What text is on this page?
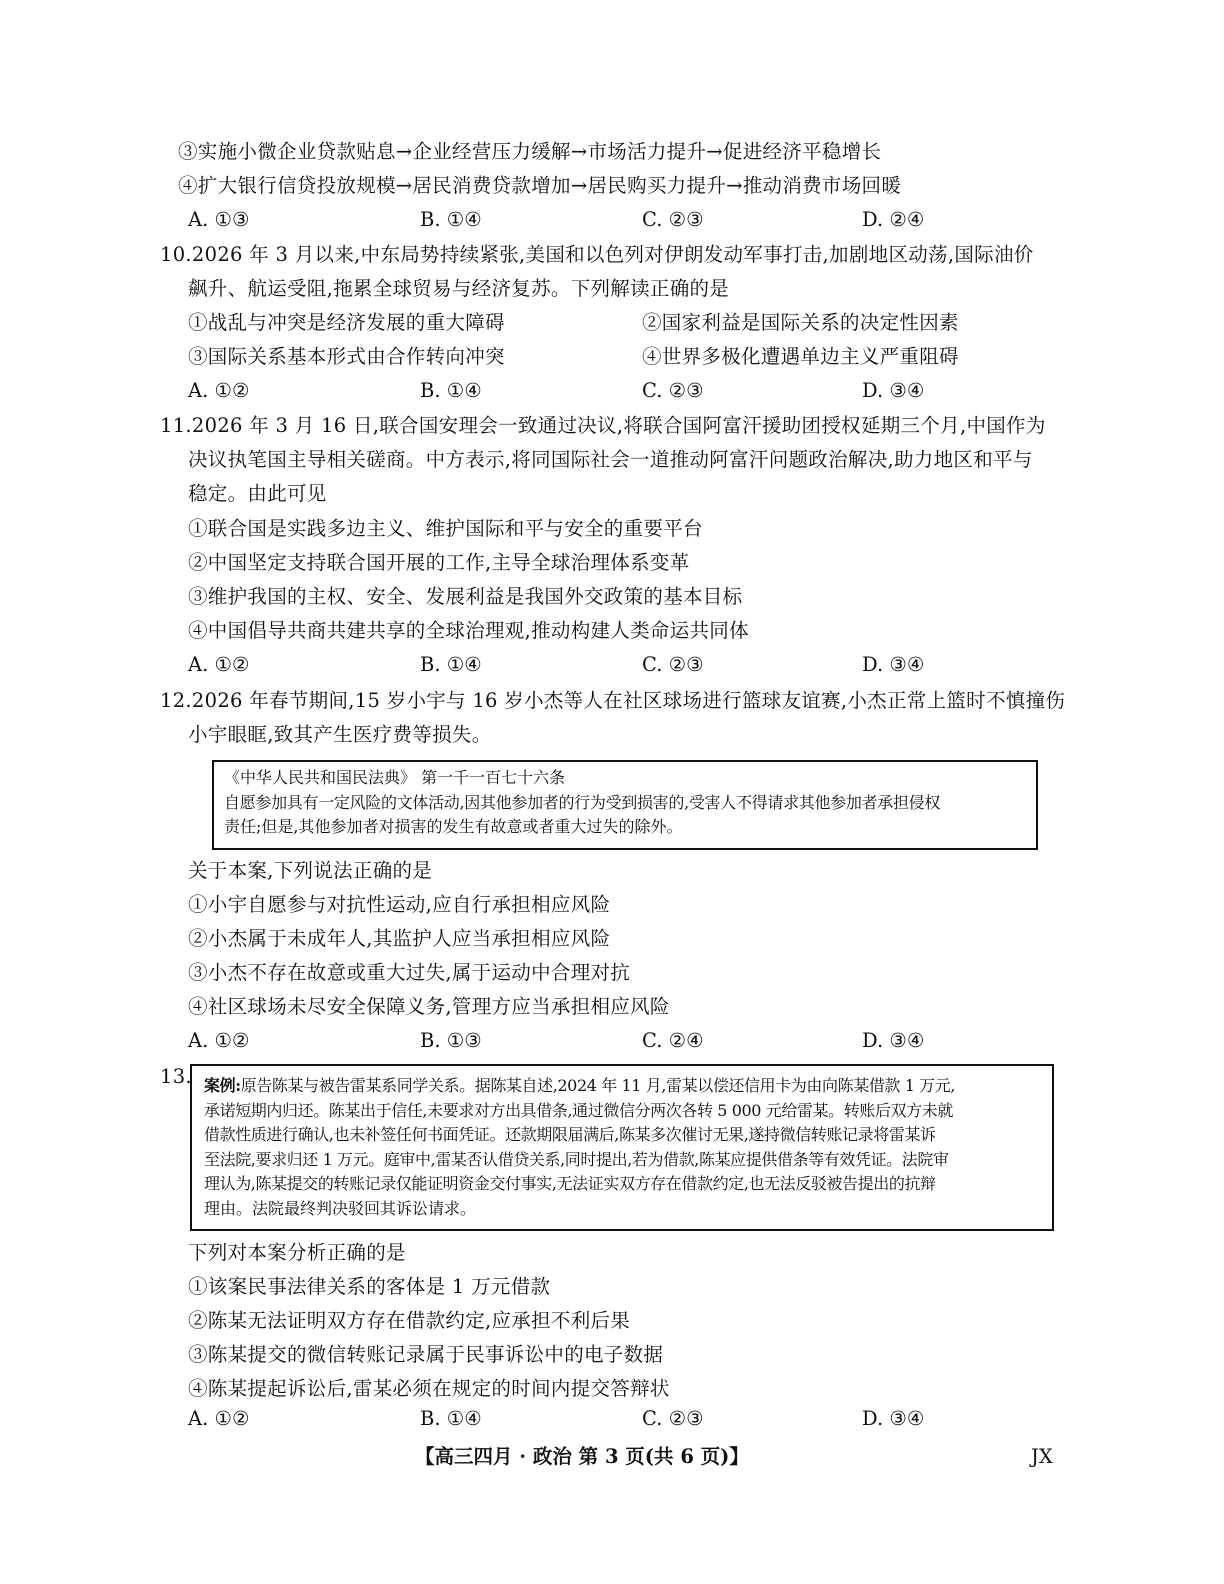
③实施小微企业贷款贴息→企业经营压力缓解→市场活力提升→促进经济平稳增长
④扩大银行信贷投放规模→居民消费贷款增加→居民购买力提升→推动消费市场回暖
A. ①③	B. ①④	C. ②③	D. ②④
10.2026 年 3 月以来,中东局势持续紧张,美国和以色列对伊朗发动军事打击,加剧地区动荡,国际油价
飙升、航运受阻,拖累全球贸易与经济复苏。下列解读正确的是
①战乱与冲突是经济发展的重大障碍	②国家利益是国际关系的决定性因素
③国际关系基本形式由合作转向冲突	④世界多极化遭遇单边主义严重阻碍
A. ①②	B. ①④	C. ②③	D. ③④
11.2026 年 3 月 16 日,联合国安理会一致通过决议,将联合国阿富汗援助团授权延期三个月,中国作为
决议执笔国主导相关磋商。中方表示,将同国际社会一道推动阿富汗问题政治解决,助力地区和平与
稳定。由此可见
①联合国是实践多边主义、维护国际和平与安全的重要平台
②中国坚定支持联合国开展的工作,主导全球治理体系变革
③维护我国的主权、安全、发展利益是我国外交政策的基本目标
④中国倡导共商共建共享的全球治理观,推动构建人类命运共同体
A. ①②	B. ①④	C. ②③	D. ③④
12.2026 年春节期间,15 岁小宇与 16 岁小杰等人在社区球场进行篮球友谊赛,小杰正常上篮时不慎撞伤
小宇眼眶,致其产生医疗费等损失。

《中华人民共和国民法典》 第一千一百七十六条

自愿参加具有一定风险的文体活动,因其他参加者的行为受到损害的,受害人不得请求其他参加者承担侵权

责任;但是,其他参加者对损害的发生有故意或者重大过失的除外。

关于本案,下列说法正确的是
①小宇自愿参与对抗性运动,应自行承担相应风险
②小杰属于未成年人,其监护人应当承担相应风险
③小杰不存在故意或重大过失,属于运动中合理对抗
④社区球场未尽安全保障义务,管理方应当承担相应风险
A. ①②	B. ①③	C. ②④	D. ③④
13. 案例:原告陈某与被告雷某系同学关系。据陈某自述,2024 年 11 月,雷某以偿还信用卡为由向陈某借款 1 万元,

承诺短期内归还。陈某出于信任,未要求对方出具借条,通过微信分两次各转 5 000 元给雷某。转账后双方未就

借款性质进行确认,也未补签任何书面凭证。还款期限届满后,陈某多次催讨无果,遂持微信转账记录将雷某诉

至法院,要求归还 1 万元。庭审中,雷某否认借贷关系,同时提出,若为借款,陈某应提供借条等有效凭证。法院审

理认为,陈某提交的转账记录仅能证明资金交付事实,无法证实双方存在借款约定,也无法反驳被告提出的抗辩

理由。法院最终判决驳回其诉讼请求。

下列对本案分析正确的是
①该案民事法律关系的客体是 1 万元借款
②陈某无法证明双方存在借款约定,应承担不利后果
③陈某提交的微信转账记录属于民事诉讼中的电子数据
④陈某提起诉讼后,雷某必须在规定的时间内提交答辩状
A. ①②	B. ①④	C. ②③	D. ③④
【高三四月 · 政治 第 3 页(共 6 页)】	JX
